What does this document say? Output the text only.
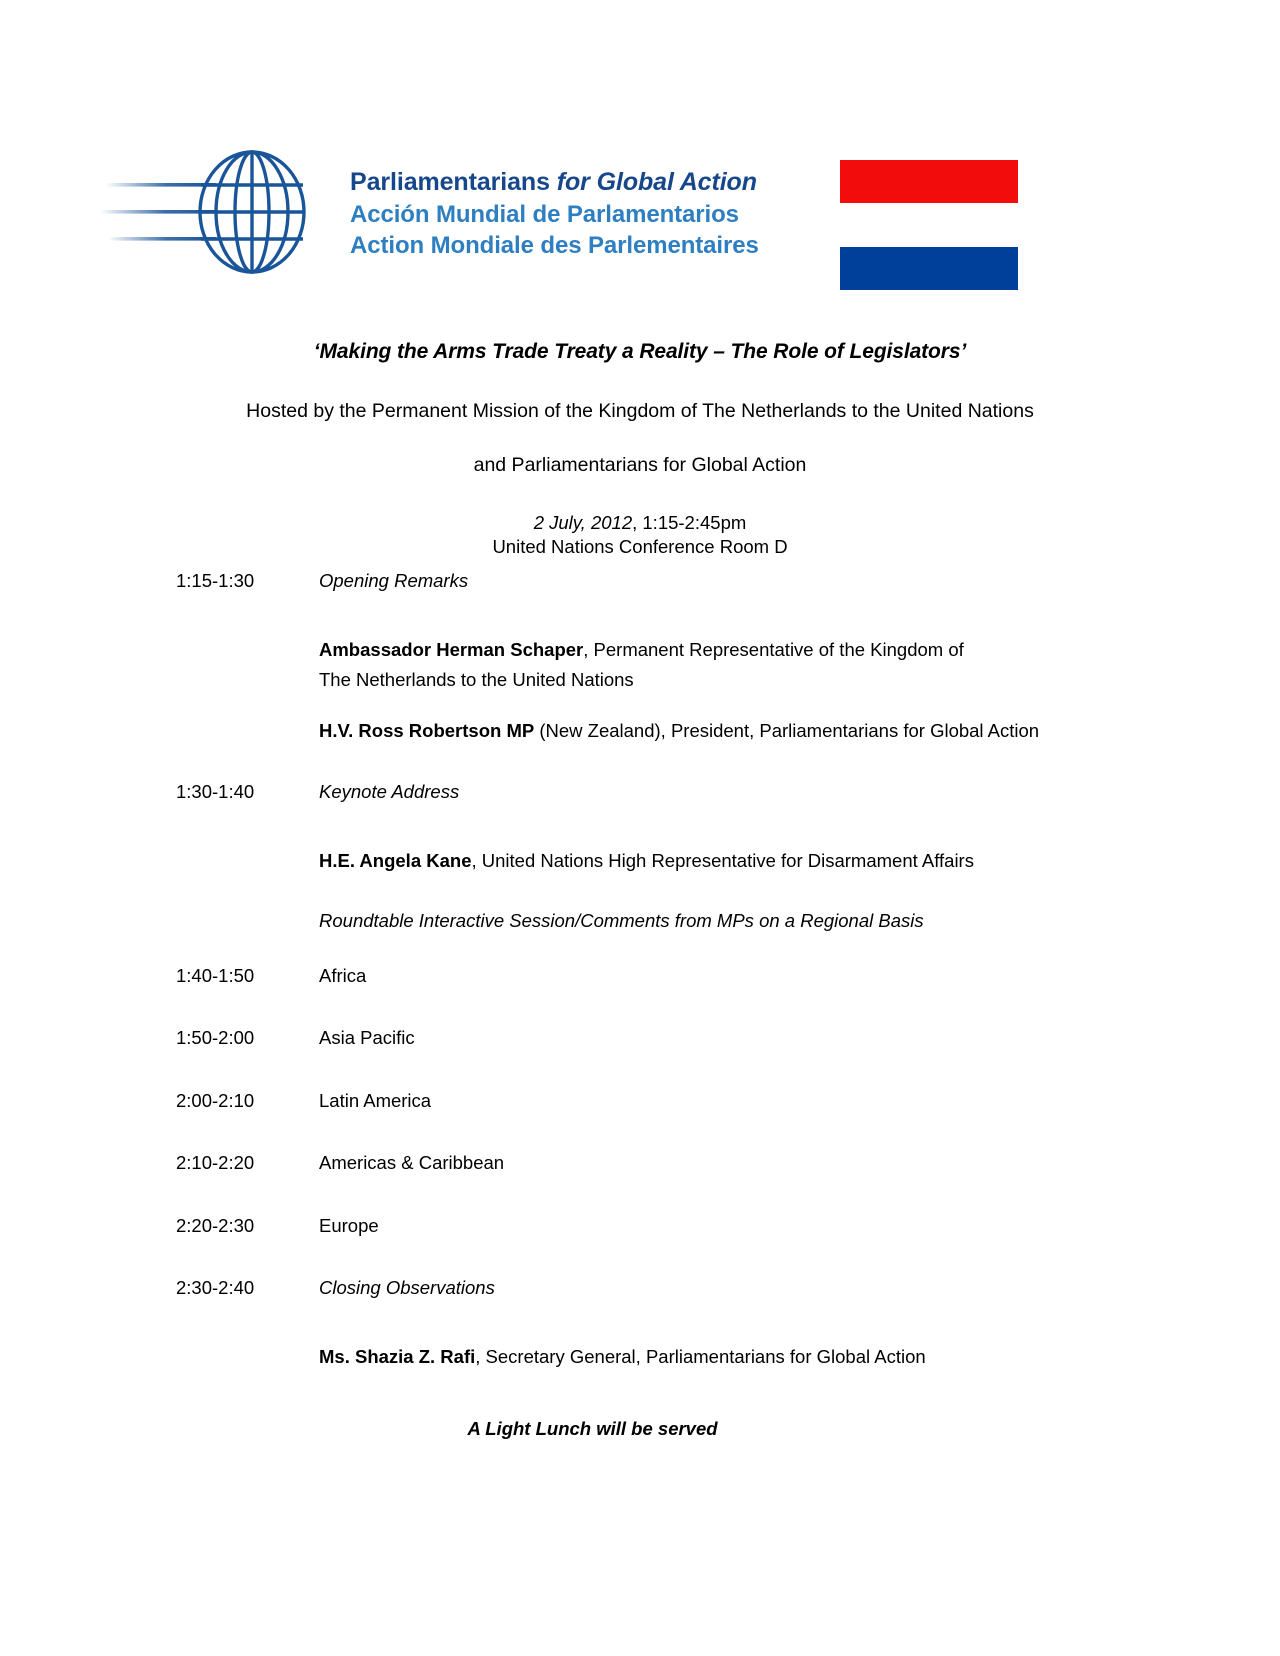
Parliamentarians for Global Action
Acción Mundial de Parlamentarios
Action Mondiale des Parlementaires
‘Making the Arms Trade Treaty a Reality – The Role of Legislators’
Hosted by the Permanent Mission of the Kingdom of The Netherlands to the United Nations
and Parliamentarians for Global Action
2 July, 2012, 1:15-2:45pm
United Nations Conference Room D
1:15-1:30	Opening Remarks
Ambassador Herman Schaper, Permanent Representative of the Kingdom of
The Netherlands to the United Nations
H.V. Ross Robertson MP (New Zealand), President, Parliamentarians for Global Action
1:30-1:40	Keynote Address
H.E. Angela Kane, United Nations High Representative for Disarmament Affairs
Roundtable Interactive Session/Comments from MPs on a Regional Basis
1:40-1:50	Africa
1:50-2:00	Asia Pacific
2:00-2:10	Latin America
2:10-2:20	Americas & Caribbean
2:20-2:30	Europe
2:30-2:40	Closing Observations
Ms. Shazia Z. Rafi, Secretary General, Parliamentarians for Global Action
A Light Lunch will be served
